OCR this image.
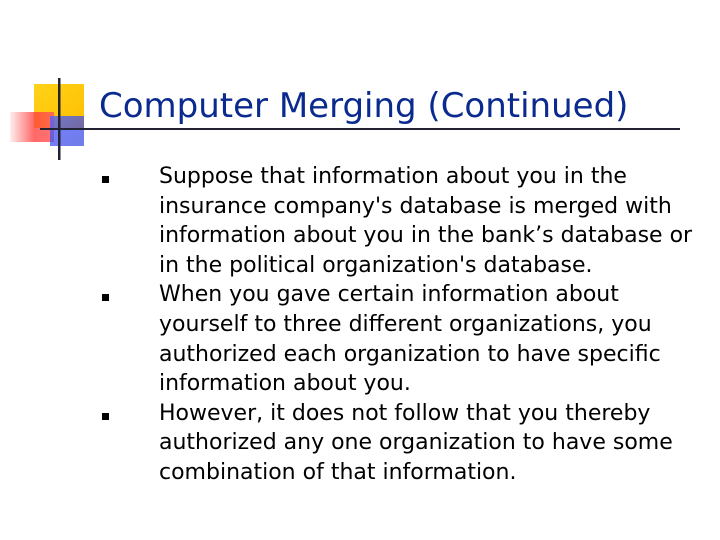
Computer Merging (Continued)
Suppose that information about you in the insurance company's database is merged with information about you in the bank’s database or in the political organization's database.
When you gave certain information about yourself to three different organizations, you authorized each organization to have specific information about you.
However, it does not follow that you thereby authorized any one organization to have some combination of that information.
